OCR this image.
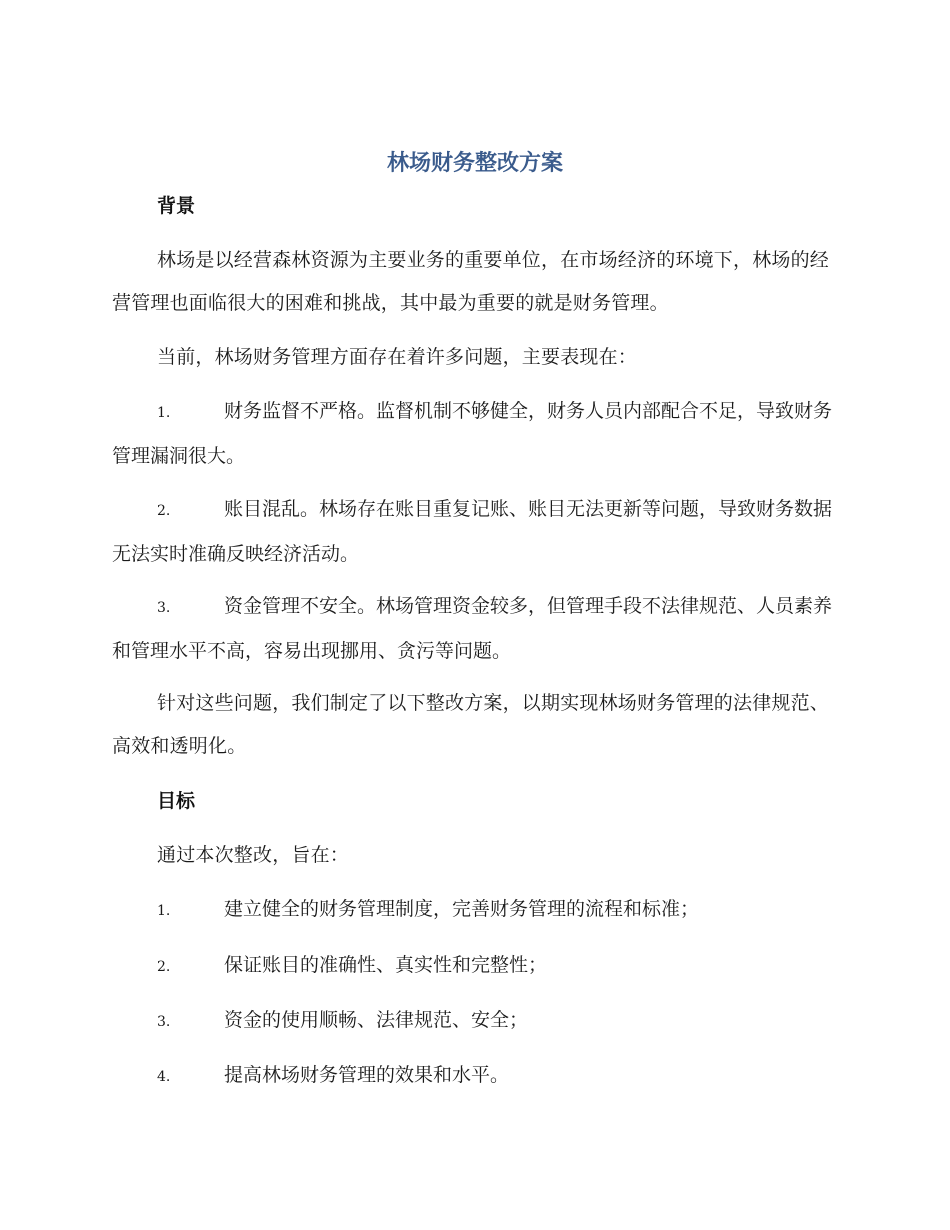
林场财务整改方案
背景
林场是以经营森林资源为主要业务的重要单位，在市场经济的环境下，林场的经营管理也面临很大的困难和挑战，其中最为重要的就是财务管理。
当前，林场财务管理方面存在着许多问题，主要表现在：
1.	财务监督不严格。监督机制不够健全，财务人员内部配合不足，导致财务管理漏洞很大。
2.	账目混乱。林场存在账目重复记账、账目无法更新等问题，导致财务数据无法实时准确反映经济活动。
3.	资金管理不安全。林场管理资金较多，但管理手段不法律规范、人员素养和管理水平不高，容易出现挪用、贪污等问题。
针对这些问题，我们制定了以下整改方案，以期实现林场财务管理的法律规范、高效和透明化。
目标
通过本次整改，旨在：
1.	建立健全的财务管理制度，完善财务管理的流程和标准；
2.	保证账目的准确性、真实性和完整性；
3.	资金的使用顺畅、法律规范、安全；
4.	提高林场财务管理的效果和水平。
